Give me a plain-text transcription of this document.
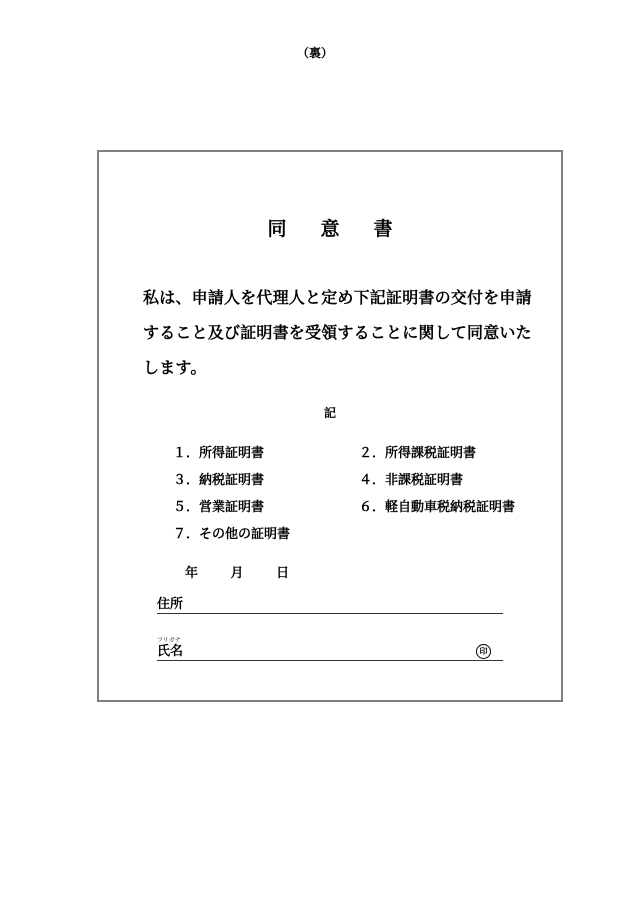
（裏）
同意書
私は、申請人を代理人と定め下記証明書の交付を申請
すること及び証明書を受領することに関して同意いた
します。
記
１．所得証明書	２．所得課税証明書
３．納税証明書	４．非課税証明書
５．営業証明書	６．軽自動車税納税証明書
７．その他の証明書
年	月	日
住所
フリガナ
氏名	印
